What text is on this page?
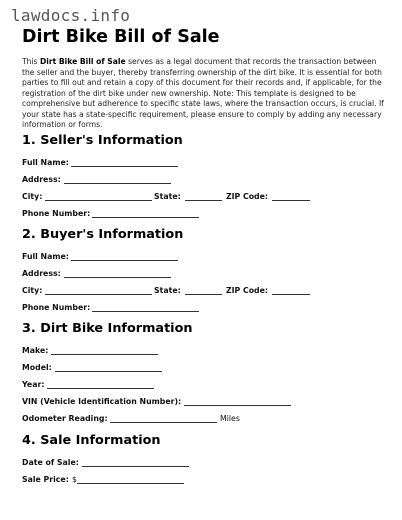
lawdocs.info
Dirt Bike Bill of Sale
This Dirt Bike Bill of Sale serves as a legal document that records the transaction between the seller and the buyer, thereby transferring ownership of the dirt bike. It is essential for both parties to fill out and retain a copy of this document for their records and, if applicable, for the registration of the dirt bike under new ownership. Note: This template is designed to be comprehensive but adherence to specific state laws, where the transaction occurs, is crucial. If your state has a state-specific requirement, please ensure to comply by adding any necessary information or forms.
1. Seller's Information
Full Name:
Address:
City:	State:	ZIP Code:
Phone Number:
2. Buyer's Information
Full Name:
Address:
City:	State:	ZIP Code:
Phone Number:
3. Dirt Bike Information
Make:
Model:
Year:
VIN (Vehicle Identification Number):
Odometer Reading:	Miles
4. Sale Information
Date of Sale:
Sale Price: $
